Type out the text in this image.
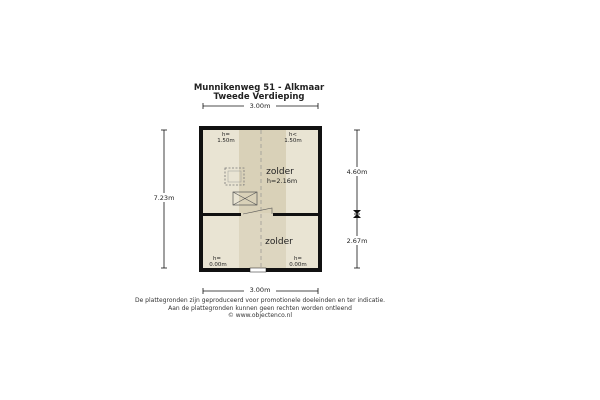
Munnikenweg 51 - Alkmaar
Tweede Verdieping
3.00m
7.23m
4.60m
2.67m
zolder
h=2.16m
zolder
h=
1.50m
h<
1.50m
h=
0.00m
h=
0.00m
3.00m
De plattegronden zijn geproduceerd voor promotionele doeleinden en ter indicatie.
Aan de plattegronden kunnen geen rechten worden ontleend
© www.objectenco.nl
